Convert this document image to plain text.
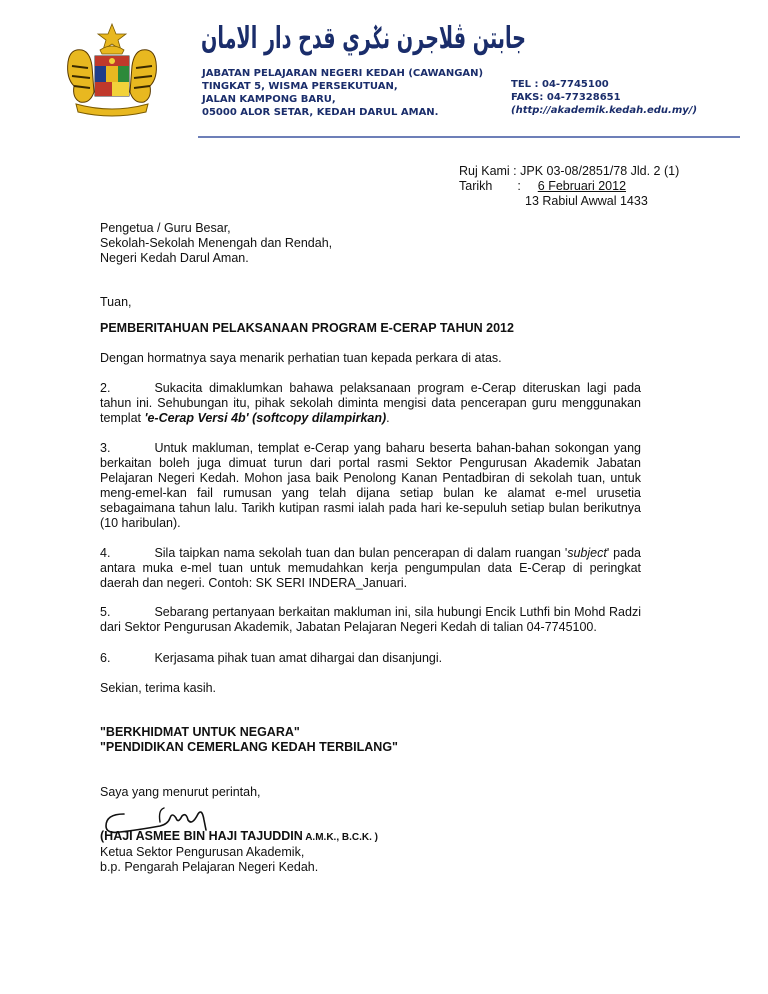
جابتن ڤلاجرن نݢري قدح دار الامان
JABATAN PELAJARAN NEGERI KEDAH (CAWANGAN)
TINGKAT 5, WISMA PERSEKUTUAN,
JALAN KAMPONG BARU,
05000 ALOR SETAR, KEDAH DARUL AMAN.
TEL : 04-7745100
FAKS: 04-77328651
(http://akademik.kedah.edu.my/)
Ruj Kami : JPK 03-08/2851/78 Jld. 2 (1)
Tarikh : 6 Februari 2012
13 Rabiul Awwal 1433
Pengetua / Guru Besar,
Sekolah-Sekolah Menengah dan Rendah,
Negeri Kedah Darul Aman.
Tuan,
PEMBERITAHUAN PELAKSANAAN PROGRAM E-CERAP TAHUN 2012
Dengan hormatnya saya menarik perhatian tuan kepada perkara di atas.
2.	Sukacita dimaklumkan bahawa pelaksanaan program e-Cerap diteruskan lagi pada tahun ini. Sehubungan itu, pihak sekolah diminta mengisi data pencerapan guru menggunakan templat 'e-Cerap Versi 4b' (softcopy dilampirkan).
3.	Untuk makluman, templat e-Cerap yang baharu beserta bahan-bahan sokongan yang berkaitan boleh juga dimuat turun dari portal rasmi Sektor Pengurusan Akademik Jabatan Pelajaran Negeri Kedah. Mohon jasa baik Penolong Kanan Pentadbiran di sekolah tuan, untuk meng-emel-kan fail rumusan yang telah dijana setiap bulan ke alamat e-mel urusetia sebagaimana tahun lalu. Tarikh kutipan rasmi ialah pada hari ke-sepuluh setiap bulan berikutnya (10 haribulan).
4.	Sila taipkan nama sekolah tuan dan bulan pencerapan di dalam ruangan 'subject' pada antara muka e-mel tuan untuk memudahkan kerja pengumpulan data E-Cerap di peringkat daerah dan negeri. Contoh: SK SERI INDERA_Januari.
5.	Sebarang pertanyaan berkaitan makluman ini, sila hubungi Encik Luthfi bin Mohd Radzi dari Sektor Pengurusan Akademik, Jabatan Pelajaran Negeri Kedah di talian 04-7745100.
6.	Kerjasama pihak tuan amat dihargai dan disanjungi.
Sekian, terima kasih.
"BERKHIDMAT UNTUK NEGARA"
"PENDIDIKAN CEMERLANG KEDAH TERBILANG"
Saya yang menurut perintah,
(HAJI ASMEE BIN HAJI TAJUDDIN A.M.K., B.C.K. )
Ketua Sektor Pengurusan Akademik,
b.p. Pengarah Pelajaran Negeri Kedah.
